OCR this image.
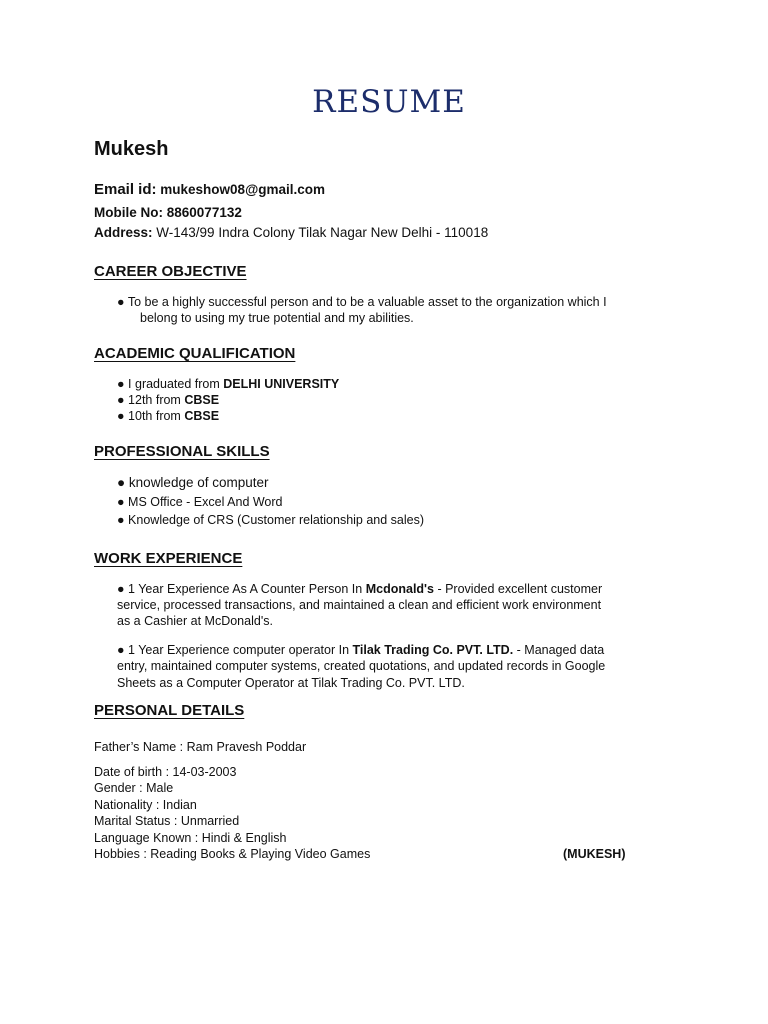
RESUME
Mukesh
Email id: mukeshow08@gmail.com
Mobile No: 8860077132
Address: W-143/99 Indra Colony Tilak Nagar New Delhi - 110018
CAREER OBJECTIVE
● To be a highly successful person and to be a valuable asset to the organization which I
belong to using my true potential and my abilities.
ACADEMIC QUALIFICATION
● I graduated from DELHI UNIVERSITY
● 12th from CBSE
● 10th from CBSE
PROFESSIONAL SKILLS
● knowledge of computer
● MS Office - Excel And Word
● Knowledge of CRS (Customer relationship and sales)
WORK EXPERIENCE
● 1 Year Experience As A Counter Person In Mcdonald's - Provided excellent customer
service, processed transactions, and maintained a clean and efficient work environment
as a Cashier at McDonald's.
● 1 Year Experience computer operator In Tilak Trading Co. PVT. LTD. - Managed data
entry, maintained computer systems, created quotations, and updated records in Google
Sheets as a Computer Operator at Tilak Trading Co. PVT. LTD.
PERSONAL DETAILS
Father’s Name : Ram Pravesh Poddar
Date of birth : 14-03-2003
Gender : Male
Nationality : Indian
Marital Status : Unmarried
Language Known : Hindi & English
Hobbies : Reading Books & Playing Video Games	(MUKESH)
